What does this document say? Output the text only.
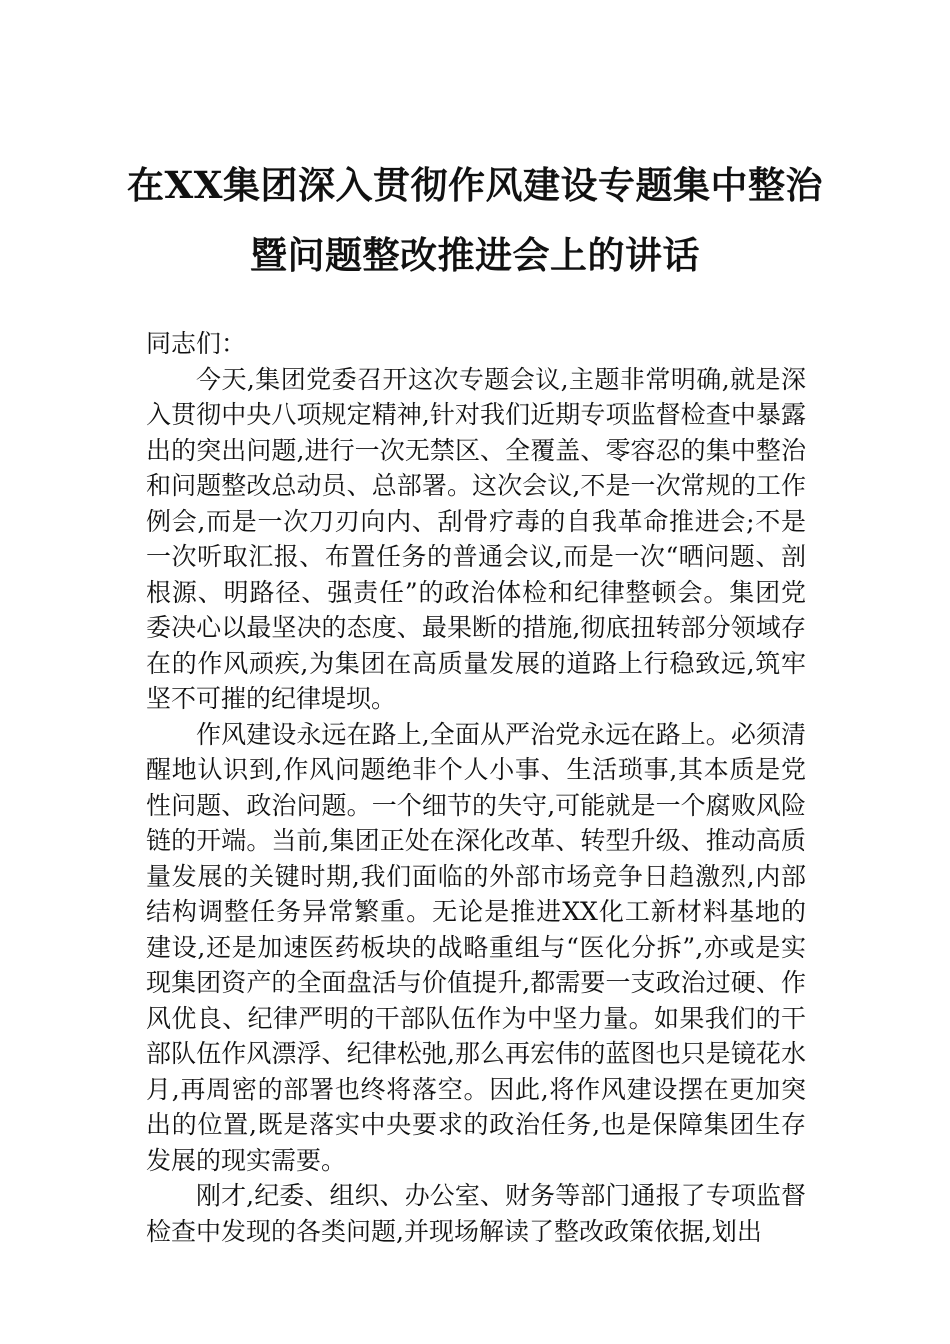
在XX集团深入贯彻作风建设专题集中整治
暨问题整改推进会上的讲话

同志们：

今天,集团党委召开这次专题会议,主题非常明确,就是深入贯彻中央八项规定精神,针对我们近期专项监督检查中暴露出的突出问题,进行一次无禁区、全覆盖、零容忍的集中整治和问题整改总动员、总部署。这次会议,不是一次常规的工作例会,而是一次刀刃向内、刮骨疗毒的自我革命推进会;不是一次听取汇报、布置任务的普通会议,而是一次“晒问题、剖根源、明路径、强责任”的政治体检和纪律整顿会。集团党委决心以最坚决的态度、最果断的措施,彻底扭转部分领域存在的作风顽疾,为集团在高质量发展的道路上行稳致远,筑牢坚不可摧的纪律堤坝。

作风建设永远在路上,全面从严治党永远在路上。必须清醒地认识到,作风问题绝非个人小事、生活琐事,其本质是党性问题、政治问题。一个细节的失守,可能就是一个腐败风险链的开端。当前,集团正处在深化改革、转型升级、推动高质量发展的关键时期,我们面临的外部市场竞争日趋激烈,内部结构调整任务异常繁重。无论是推进XX化工新材料基地的建设,还是加速医药板块的战略重组与“医化分拆”,亦或是实现集团资产的全面盘活与价值提升,都需要一支政治过硬、作风优良、纪律严明的干部队伍作为中坚力量。如果我们的干部队伍作风漂浮、纪律松弛,那么再宏伟的蓝图也只是镜花水月,再周密的部署也终将落空。因此,将作风建设摆在更加突出的位置,既是落实中央要求的政治任务,也是保障集团生存发展的现实需要。

刚才,纪委、组织、办公室、财务等部门通报了专项监督检查中发现的各类问题,并现场解读了整改政策依据,划出
